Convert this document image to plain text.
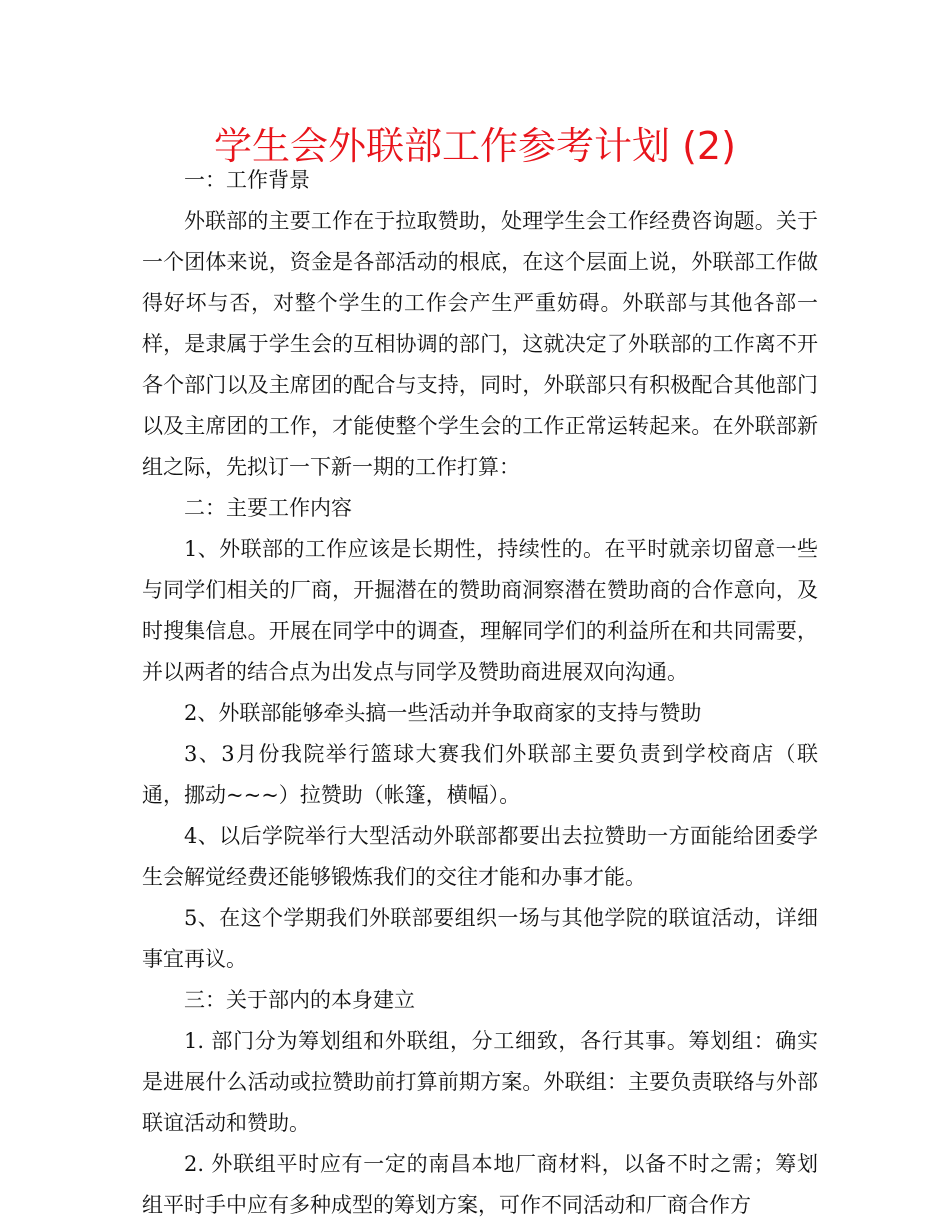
学生会外联部工作参考计划 (2)

一：工作背景

外联部的主要工作在于拉取赞助，处理学生会工作经费咨询题。关于一个团体来说，资金是各部活动的根底，在这个层面上说，外联部工作做得好坏与否，对整个学生的工作会产生严重妨碍。外联部与其他各部一样，是隶属于学生会的互相协调的部门，这就决定了外联部的工作离不开各个部门以及主席团的配合与支持，同时，外联部只有积极配合其他部门以及主席团的工作，才能使整个学生会的工作正常运转起来。在外联部新组之际，先拟订一下新一期的工作打算：

二：主要工作内容

1、外联部的工作应该是长期性，持续性的。在平时就亲切留意一些与同学们相关的厂商，开掘潜在的赞助商洞察潜在赞助商的合作意向，及时搜集信息。开展在同学中的调查，理解同学们的利益所在和共同需要，并以两者的结合点为出发点与同学及赞助商进展双向沟通。

2、外联部能够牵头搞一些活动并争取商家的支持与赞助

3、3月份我院举行篮球大赛我们外联部主要负责到学校商店（联通，挪动~~~）拉赞助（帐篷，横幅）。

4、以后学院举行大型活动外联部都要出去拉赞助一方面能给团委学生会解觉经费还能够锻炼我们的交往才能和办事才能。

5、在这个学期我们外联部要组织一场与其他学院的联谊活动，详细事宜再议。

三：关于部内的本身建立

1. 部门分为筹划组和外联组，分工细致，各行其事。筹划组：确实是进展什么活动或拉赞助前打算前期方案。外联组：主要负责联络与外部联谊活动和赞助。

2. 外联组平时应有一定的南昌本地厂商材料，以备不时之需；筹划组平时手中应有多种成型的筹划方案，可作不同活动和厂商合作方
